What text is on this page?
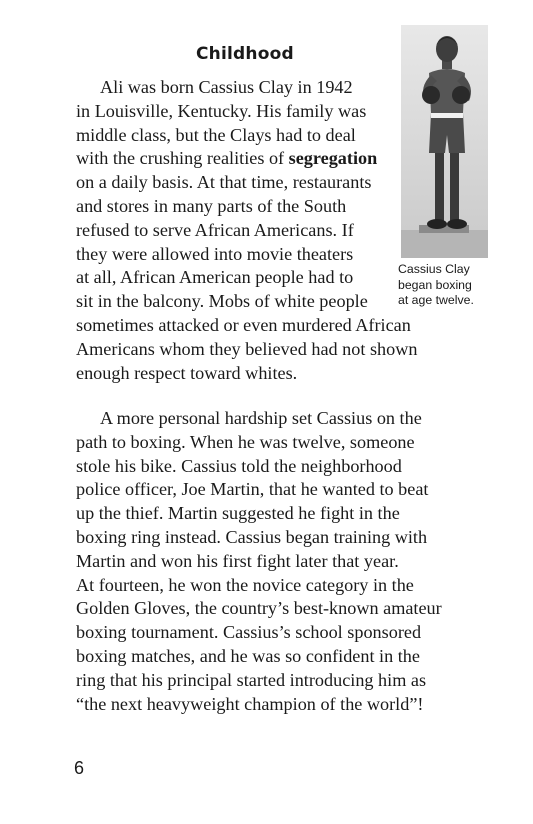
Childhood

Cassius Clay
began boxing
at age twelve.

Ali was born Cassius Clay in 1942
in Louisville, Kentucky. His family was
middle class, but the Clays had to deal
with the crushing realities of segregation
on a daily basis. At that time, restaurants
and stores in many parts of the South
refused to serve African Americans. If
they were allowed into movie theaters
at all, African American people had to
sit in the balcony. Mobs of white people
sometimes attacked or even murdered African
Americans whom they believed had not shown
enough respect toward whites.

A more personal hardship set Cassius on the
path to boxing. When he was twelve, someone
stole his bike. Cassius told the neighborhood
police officer, Joe Martin, that he wanted to beat
up the thief. Martin suggested he fight in the
boxing ring instead. Cassius began training with
Martin and won his first fight later that year.
At fourteen, he won the novice category in the
Golden Gloves, the country’s best-known amateur
boxing tournament. Cassius’s school sponsored
boxing matches, and he was so confident in the
ring that his principal started introducing him as
“the next heavyweight champion of the world”!

6
